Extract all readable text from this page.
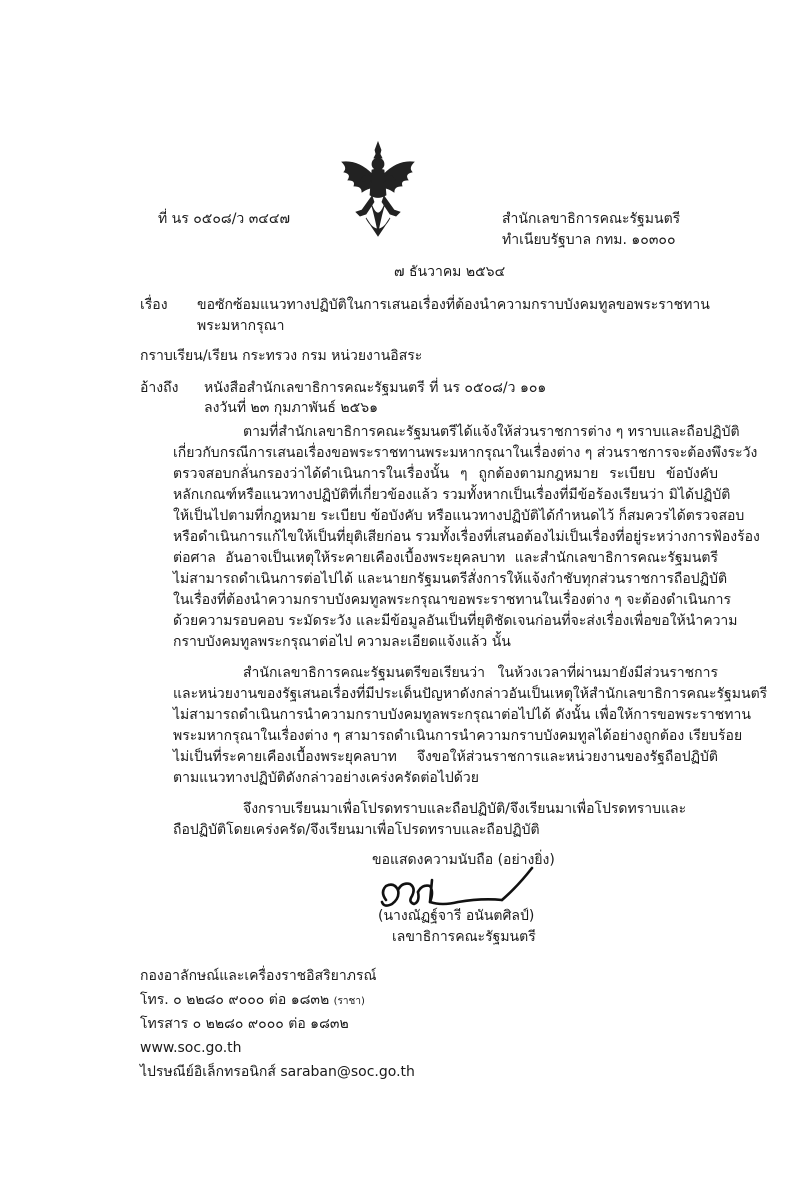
ที่ นร ๐๕๐๘/ว ๓๔๔๗	สำนักเลขาธิการคณะรัฐมนตรี
ทำเนียบรัฐบาล กทม. ๑๐๓๐๐
๗ ธันวาคม ๒๕๖๔
เรื่อง ขอซักซ้อมแนวทางปฏิบัติในการเสนอเรื่องที่ต้องนำความกราบบังคมทูลขอพระราชทาน
พระมหากรุณา
กราบเรียน/เรียน กระทรวง กรม หน่วยงานอิสระ
อ้างถึง หนังสือสำนักเลขาธิการคณะรัฐมนตรี ที่ นร ๐๕๐๘/ว ๑๐๑
ลงวันที่ ๒๓ กุมภาพันธ์ ๒๕๖๑
ตามที่สำนักเลขาธิการคณะรัฐมนตรีได้แจ้งให้ส่วนราชการต่าง ๆ ทราบและถือปฏิบัติ
เกี่ยวกับกรณีการเสนอเรื่องขอพระราชทานพระมหากรุณาในเรื่องต่าง ๆ ส่วนราชการจะต้องพึงระวัง
ตรวจสอบกลั่นกรองว่าได้ดำเนินการในเรื่องนั้น ๆ ถูกต้องตามกฎหมาย ระเบียบ ข้อบังคับ
หลักเกณฑ์หรือแนวทางปฏิบัติที่เกี่ยวข้องแล้ว รวมทั้งหากเป็นเรื่องที่มีข้อร้องเรียนว่า มิได้ปฏิบัติ
ให้เป็นไปตามที่กฎหมาย ระเบียบ ข้อบังคับ หรือแนวทางปฏิบัติได้กำหนดไว้ ก็สมควรได้ตรวจสอบ
หรือดำเนินการแก้ไขให้เป็นที่ยุติเสียก่อน รวมทั้งเรื่องที่เสนอต้องไม่เป็นเรื่องที่อยู่ระหว่างการฟ้องร้อง
ต่อศาล อันอาจเป็นเหตุให้ระคายเคืองเบื้องพระยุคลบาท และสำนักเลขาธิการคณะรัฐมนตรี
ไม่สามารถดำเนินการต่อไปได้ และนายกรัฐมนตรีสั่งการให้แจ้งกำชับทุกส่วนราชการถือปฏิบัติ
ในเรื่องที่ต้องนำความกราบบังคมทูลพระกรุณาขอพระราชทานในเรื่องต่าง ๆ จะต้องดำเนินการ
ด้วยความรอบคอบ ระมัดระวัง และมีข้อมูลอันเป็นที่ยุติชัดเจนก่อนที่จะส่งเรื่องเพื่อขอให้นำความ
กราบบังคมทูลพระกรุณาต่อไป ความละเอียดแจ้งแล้ว นั้น
สำนักเลขาธิการคณะรัฐมนตรีขอเรียนว่า ในห้วงเวลาที่ผ่านมายังมีส่วนราชการ
และหน่วยงานของรัฐเสนอเรื่องที่มีประเด็นปัญหาดังกล่าวอันเป็นเหตุให้สำนักเลขาธิการคณะรัฐมนตรี
ไม่สามารถดำเนินการนำความกราบบังคมทูลพระกรุณาต่อไปได้ ดังนั้น เพื่อให้การขอพระราชทาน
พระมหากรุณาในเรื่องต่าง ๆ สามารถดำเนินการนำความกราบบังคมทูลได้อย่างถูกต้อง เรียบร้อย
ไม่เป็นที่ระคายเคืองเบื้องพระยุคลบาท จึงขอให้ส่วนราชการและหน่วยงานของรัฐถือปฏิบัติ
ตามแนวทางปฏิบัติดังกล่าวอย่างเคร่งครัดต่อไปด้วย
จึงกราบเรียนมาเพื่อโปรดทราบและถือปฏิบัติ/จึงเรียนมาเพื่อโปรดทราบและ
ถือปฏิบัติโดยเคร่งครัด/จึงเรียนมาเพื่อโปรดทราบและถือปฏิบัติ
ขอแสดงความนับถือ (อย่างยิ่ง)
(นางณัฏฐ์จารี อนันตศิลป์)
เลขาธิการคณะรัฐมนตรี
กองอาลักษณ์และเครื่องราชอิสริยาภรณ์
โทร. ๐ ๒๒๘๐ ๙๐๐๐ ต่อ ๑๘๓๒ (ราชา)
โทรสาร ๐ ๒๒๘๐ ๙๐๐๐ ต่อ ๑๘๓๒
www.soc.go.th
ไปรษณีย์อิเล็กทรอนิกส์ saraban@soc.go.th
